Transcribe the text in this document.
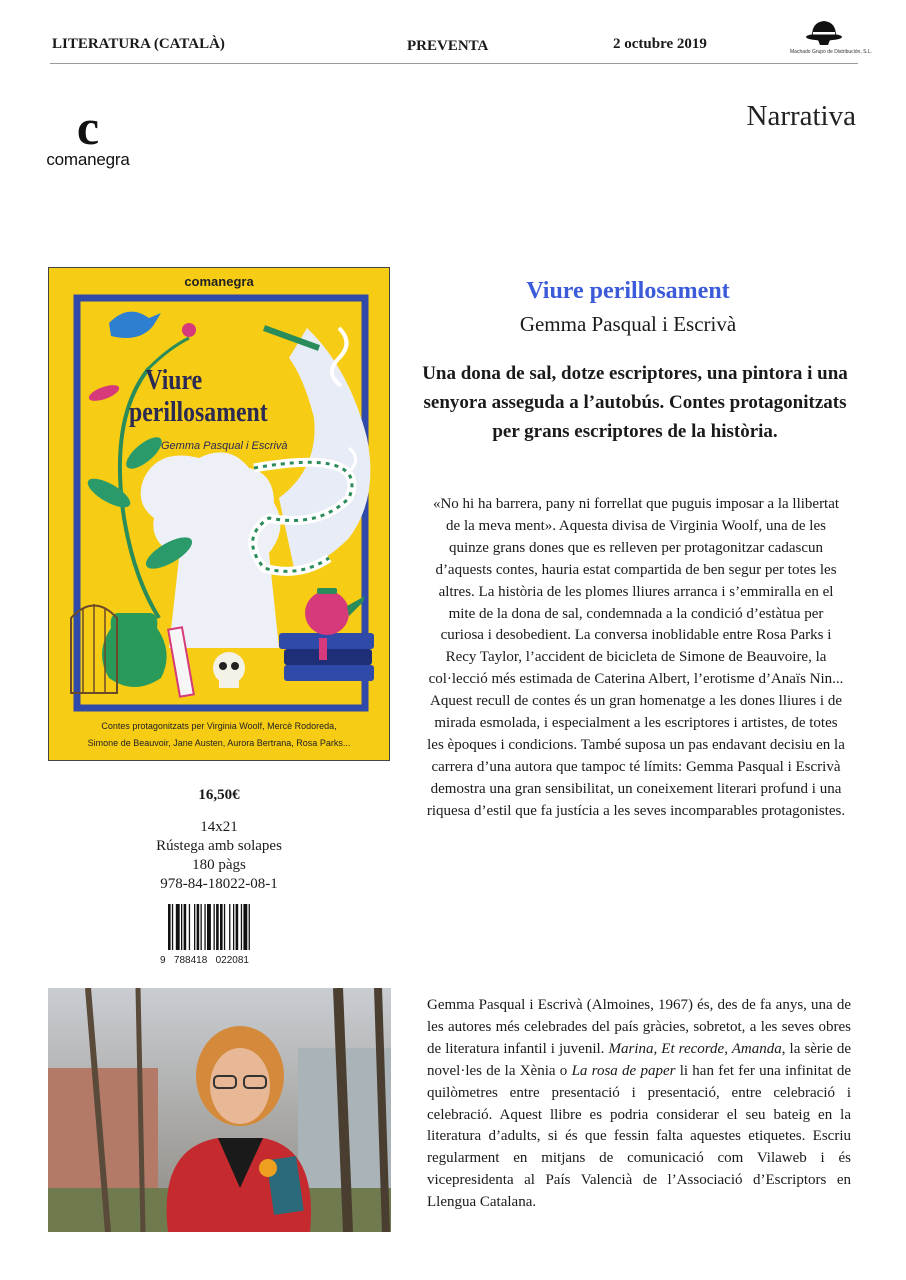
LITERATURA (CATALÀ)	PREVENTA	2 octubre 2019	Machado Grupo de Distribución, S.L.
c
comanegra
Narrativa
comanegra
Viure
perillosament
Gemma Pasqual i Escrivà
Contes protagonitzats per Virginia Woolf, Mercè Rodoreda,
Simone de Beauvoir, Jane Austen, Aurora Bertrana, Rosa Parks...
16,50€
14x21
Rústega amb solapes
180 pàgs
978-84-18022-08-1
9   788418   022081
Viure perillosament
Gemma Pasqual i Escrivà
Una dona de sal, dotze escriptores, una pintora i una senyora asseguda a l’autobús. Contes protagonitzats per grans escriptores de la història.
«No hi ha barrera, pany ni forrellat que puguis imposar a la llibertat de la meva ment». Aquesta divisa de Virginia Woolf, una de les quinze grans dones que es relleven per protagonitzar cadascun d’aquests contes, hauria estat compartida de ben segur per totes les altres. La història de les plomes lliures arranca i s’emmiralla en el mite de la dona de sal, condemnada a la condició d’estàtua per curiosa i desobedient. La conversa inoblidable entre Rosa Parks i Recy Taylor, l’accident de bicicleta de Simone de Beauvoire, la col·lecció més estimada de Caterina Albert, l’erotisme d’Anaïs Nin... Aquest recull de contes és un gran homenatge a les dones lliures i de mirada esmolada, i especialment a les escriptores i artistes, de totes les èpoques i condicions. També suposa un pas endavant decisiu en la carrera d’una autora que tampoc té límits: Gemma Pasqual i Escrivà demostra una gran sensibilitat, un coneixement literari profund i una riquesa d’estil que fa justícia a les seves incomparables protagonistes.
Gemma Pasqual i Escrivà (Almoines, 1967) és, des de fa anys, una de les autores més celebrades del país gràcies, sobretot, a les seves obres de literatura infantil i juvenil. Marina, Et recorde, Amanda, la sèrie de novel·les de la Xènia o La rosa de paper li han fet fer una infinitat de quilòmetres entre presentació i presentació, entre celebració i celebració. Aquest llibre es podria considerar el seu bateig en la literatura d’adults, si és que fessin falta aquestes etiquetes. Escriu regularment en mitjans de comunicació com Vilaweb i és vicepresidenta al País Valencià de l’Associació d’Escriptors en Llengua Catalana.
